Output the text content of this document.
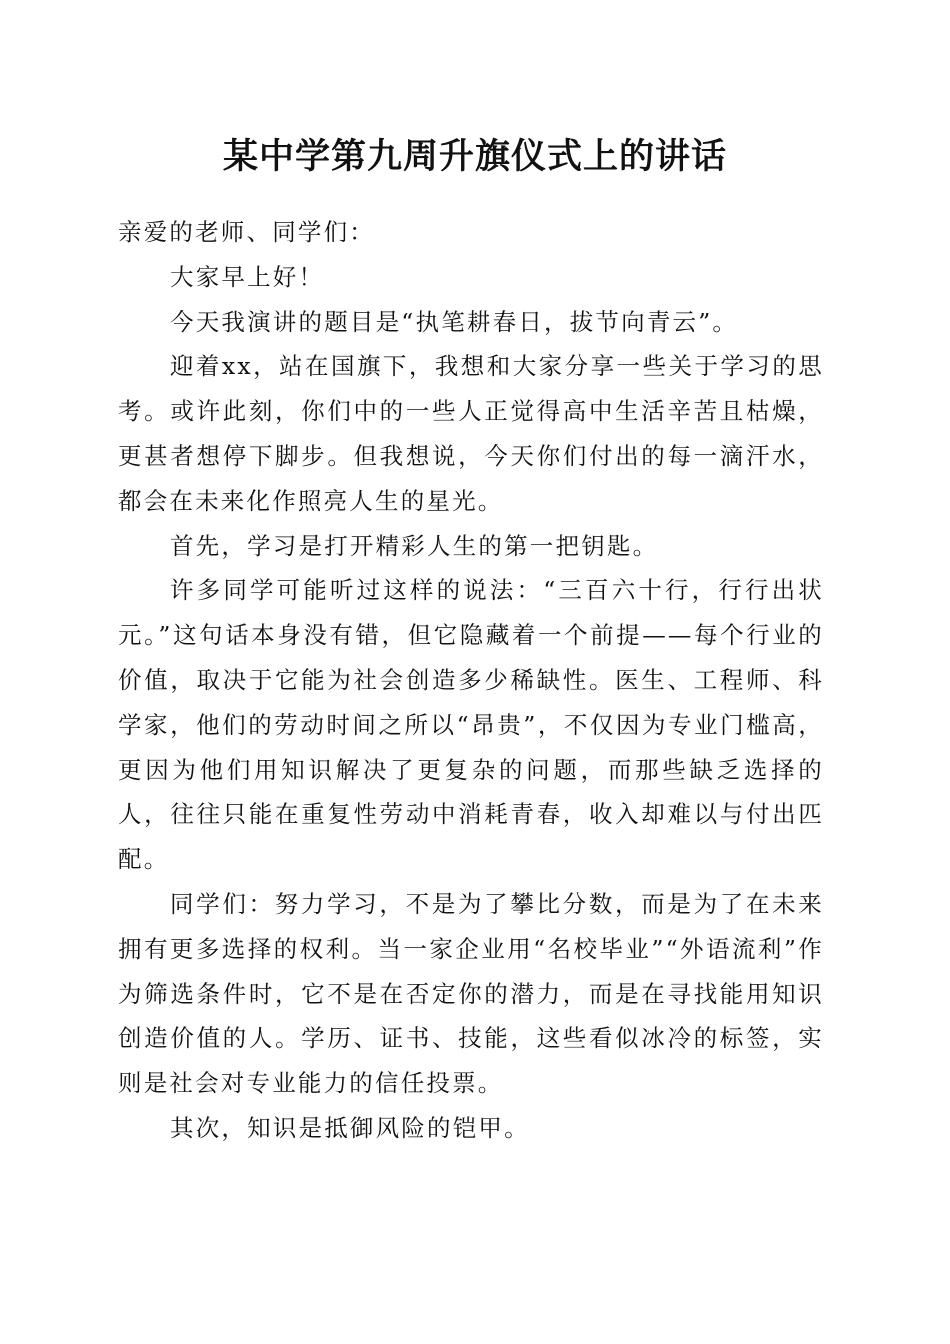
某中学第九周升旗仪式上的讲话

亲爱的老师、同学们：

大家早上好！

今天我演讲的题目是“执笔耕春日，拔节向青云”。

迎着xx，站在国旗下，我想和大家分享一些关于学习的思考。或许此刻，你们中的一些人正觉得高中生活辛苦且枯燥，更甚者想停下脚步。但我想说，今天你们付出的每一滴汗水，都会在未来化作照亮人生的星光。

首先，学习是打开精彩人生的第一把钥匙。

许多同学可能听过这样的说法：“三百六十行，行行出状元。”这句话本身没有错，但它隐藏着一个前提——每个行业的价值，取决于它能为社会创造多少稀缺性。医生、工程师、科学家，他们的劳动时间之所以“昂贵”，不仅因为专业门槛高，更因为他们用知识解决了更复杂的问题，而那些缺乏选择的人，往往只能在重复性劳动中消耗青春，收入却难以与付出匹配。

同学们：努力学习，不是为了攀比分数，而是为了在未来拥有更多选择的权利。当一家企业用“名校毕业”“外语流利”作为筛选条件时，它不是在否定你的潜力，而是在寻找能用知识创造价值的人。学历、证书、技能，这些看似冰冷的标签，实则是社会对专业能力的信任投票。

其次，知识是抵御风险的铠甲。
